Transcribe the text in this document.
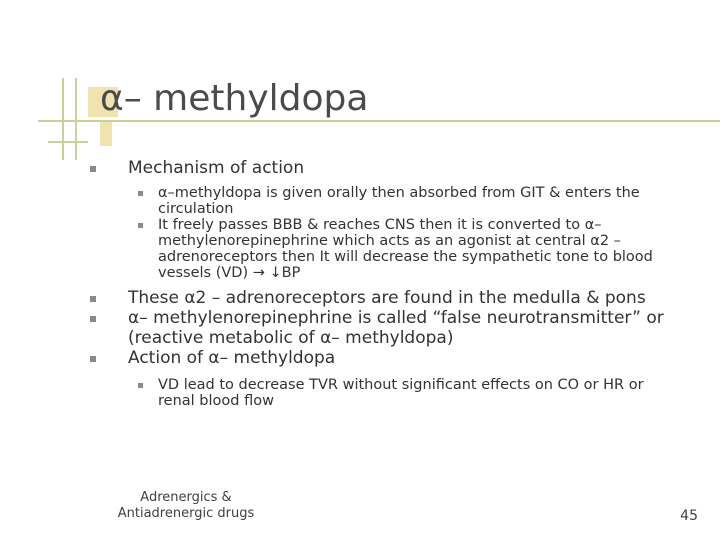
α– methyldopa
Mechanism of action
α–methyldopa is given orally then absorbed from GIT & enters the
circulation
It freely passes BBB & reaches CNS then it is converted to α–
methylenorepinephrine which acts as an agonist at central α2 –
adrenoreceptors then It will decrease the sympathetic tone to blood
vessels (VD) → ↓BP
These α2 – adrenoreceptors are found in the medulla & pons
α– methylenorepinephrine is called “false neurotransmitter” or
(reactive metabolic of α– methyldopa)
Action of α– methyldopa
VD lead to decrease TVR without significant effects on CO or HR or
renal blood flow
Adrenergics &
Antiadrenergic drugs	45
